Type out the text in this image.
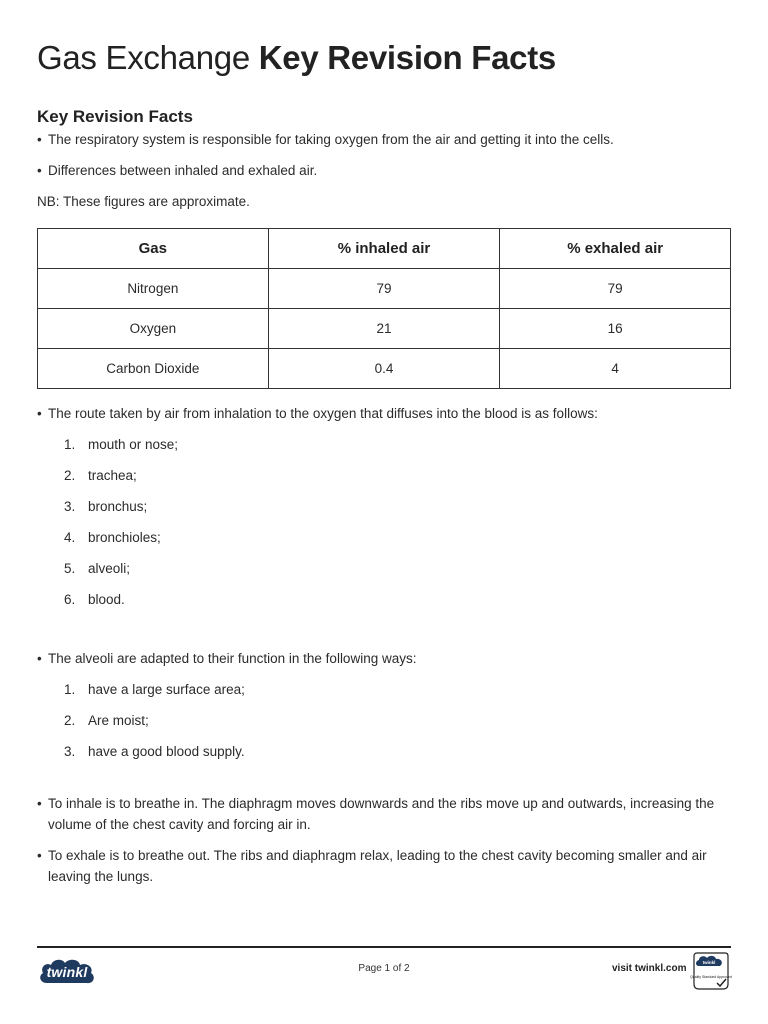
Gas Exchange Key Revision Facts
Key Revision Facts
• The respiratory system is responsible for taking oxygen from the air and getting it into the cells.
• Differences between inhaled and exhaled air.
NB: These figures are approximate.
Gas	% inhaled air	% exhaled air
Nitrogen	79	79
Oxygen	21	16
Carbon Dioxide	0.4	4
• The route taken by air from inhalation to the oxygen that diffuses into the blood is as follows:
1. mouth or nose;
2. trachea;
3. bronchus;
4. bronchioles;
5. alveoli;
6. blood.
• The alveoli are adapted to their function in the following ways:
1. have a large surface area;
2. Are moist;
3. have a good blood supply.
• To inhale is to breathe in. The diaphragm moves downwards and the ribs move up and outwards, increasing the volume of the chest cavity and forcing air in.
• To exhale is to breathe out. The ribs and diaphragm relax, leading to the chest cavity becoming smaller and air leaving the lungs.
twinkl	Page 1 of 2	visit twinkl.com
twinkl
Quality Standard Approved
